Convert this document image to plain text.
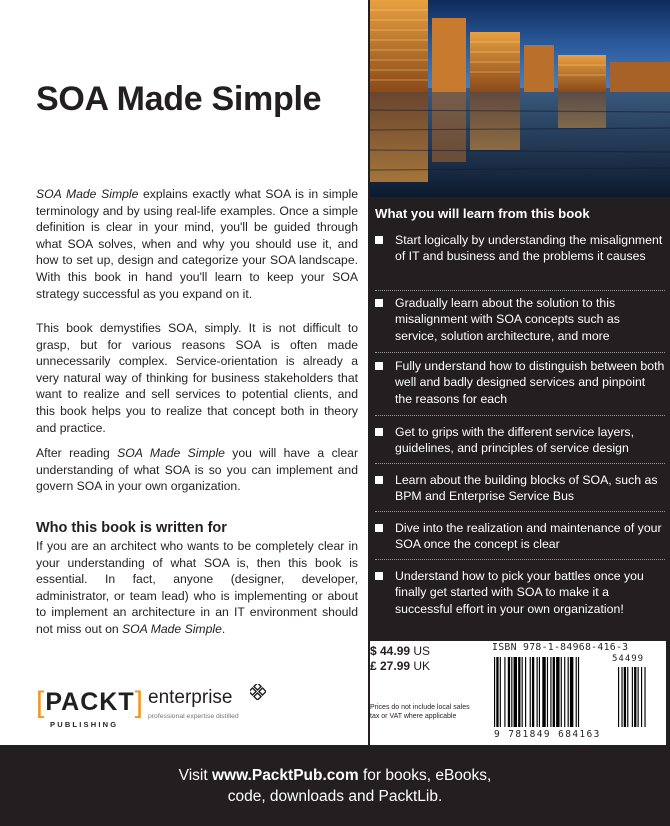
SOA Made Simple

SOA Made Simple explains exactly what SOA is in simple terminology and by using real-life examples. Once a simple definition is clear in your mind, you'll be guided through what SOA solves, when and why you should use it, and how to set up, design and categorize your SOA landscape. With this book in hand you'll learn to keep your SOA strategy successful as you expand on it.

This book demystifies SOA, simply. It is not difficult to grasp, but for various reasons SOA is often made unnecessarily complex. Service-orientation is already a very natural way of thinking for business stakeholders that want to realize and sell services to potential clients, and this book helps you to realize that concept both in theory and practice.

After reading SOA Made Simple you will have a clear understanding of what SOA is so you can implement and govern SOA in your own organization.

Who this book is written for

If you are an architect who wants to be completely clear in your understanding of what SOA is, then this book is essential. In fact, anyone (designer, developer, administrator, or team lead) who is implementing or about to implement an architecture in an IT environment should not miss out on SOA Made Simple.

[PACKT]
PUBLISHING
enterprise
professional expertise distilled
What you will learn from this book
Start logically by understanding the misalignment of IT and business and the problems it causes
Gradually learn about the solution to this misalignment with SOA concepts such as service, solution architecture, and more
Fully understand how to distinguish between both well and badly designed services and pinpoint the reasons for each
Get to grips with the different service layers, guidelines, and principles of service design
Learn about the building blocks of SOA, such as BPM and Enterprise Service Bus
Dive into the realization and maintenance of your SOA once the concept is clear
Understand how to pick your battles once you finally get started with SOA to make it a successful effort in your own organization!
$ 44.99 US
£ 27.99 UK
Prices do not include local sales tax or VAT where applicable
ISBN 978-1-84968-416-3
54499
9 781849 684163
Visit www.PacktPub.com for books, eBooks,
code, downloads and PacktLib.
